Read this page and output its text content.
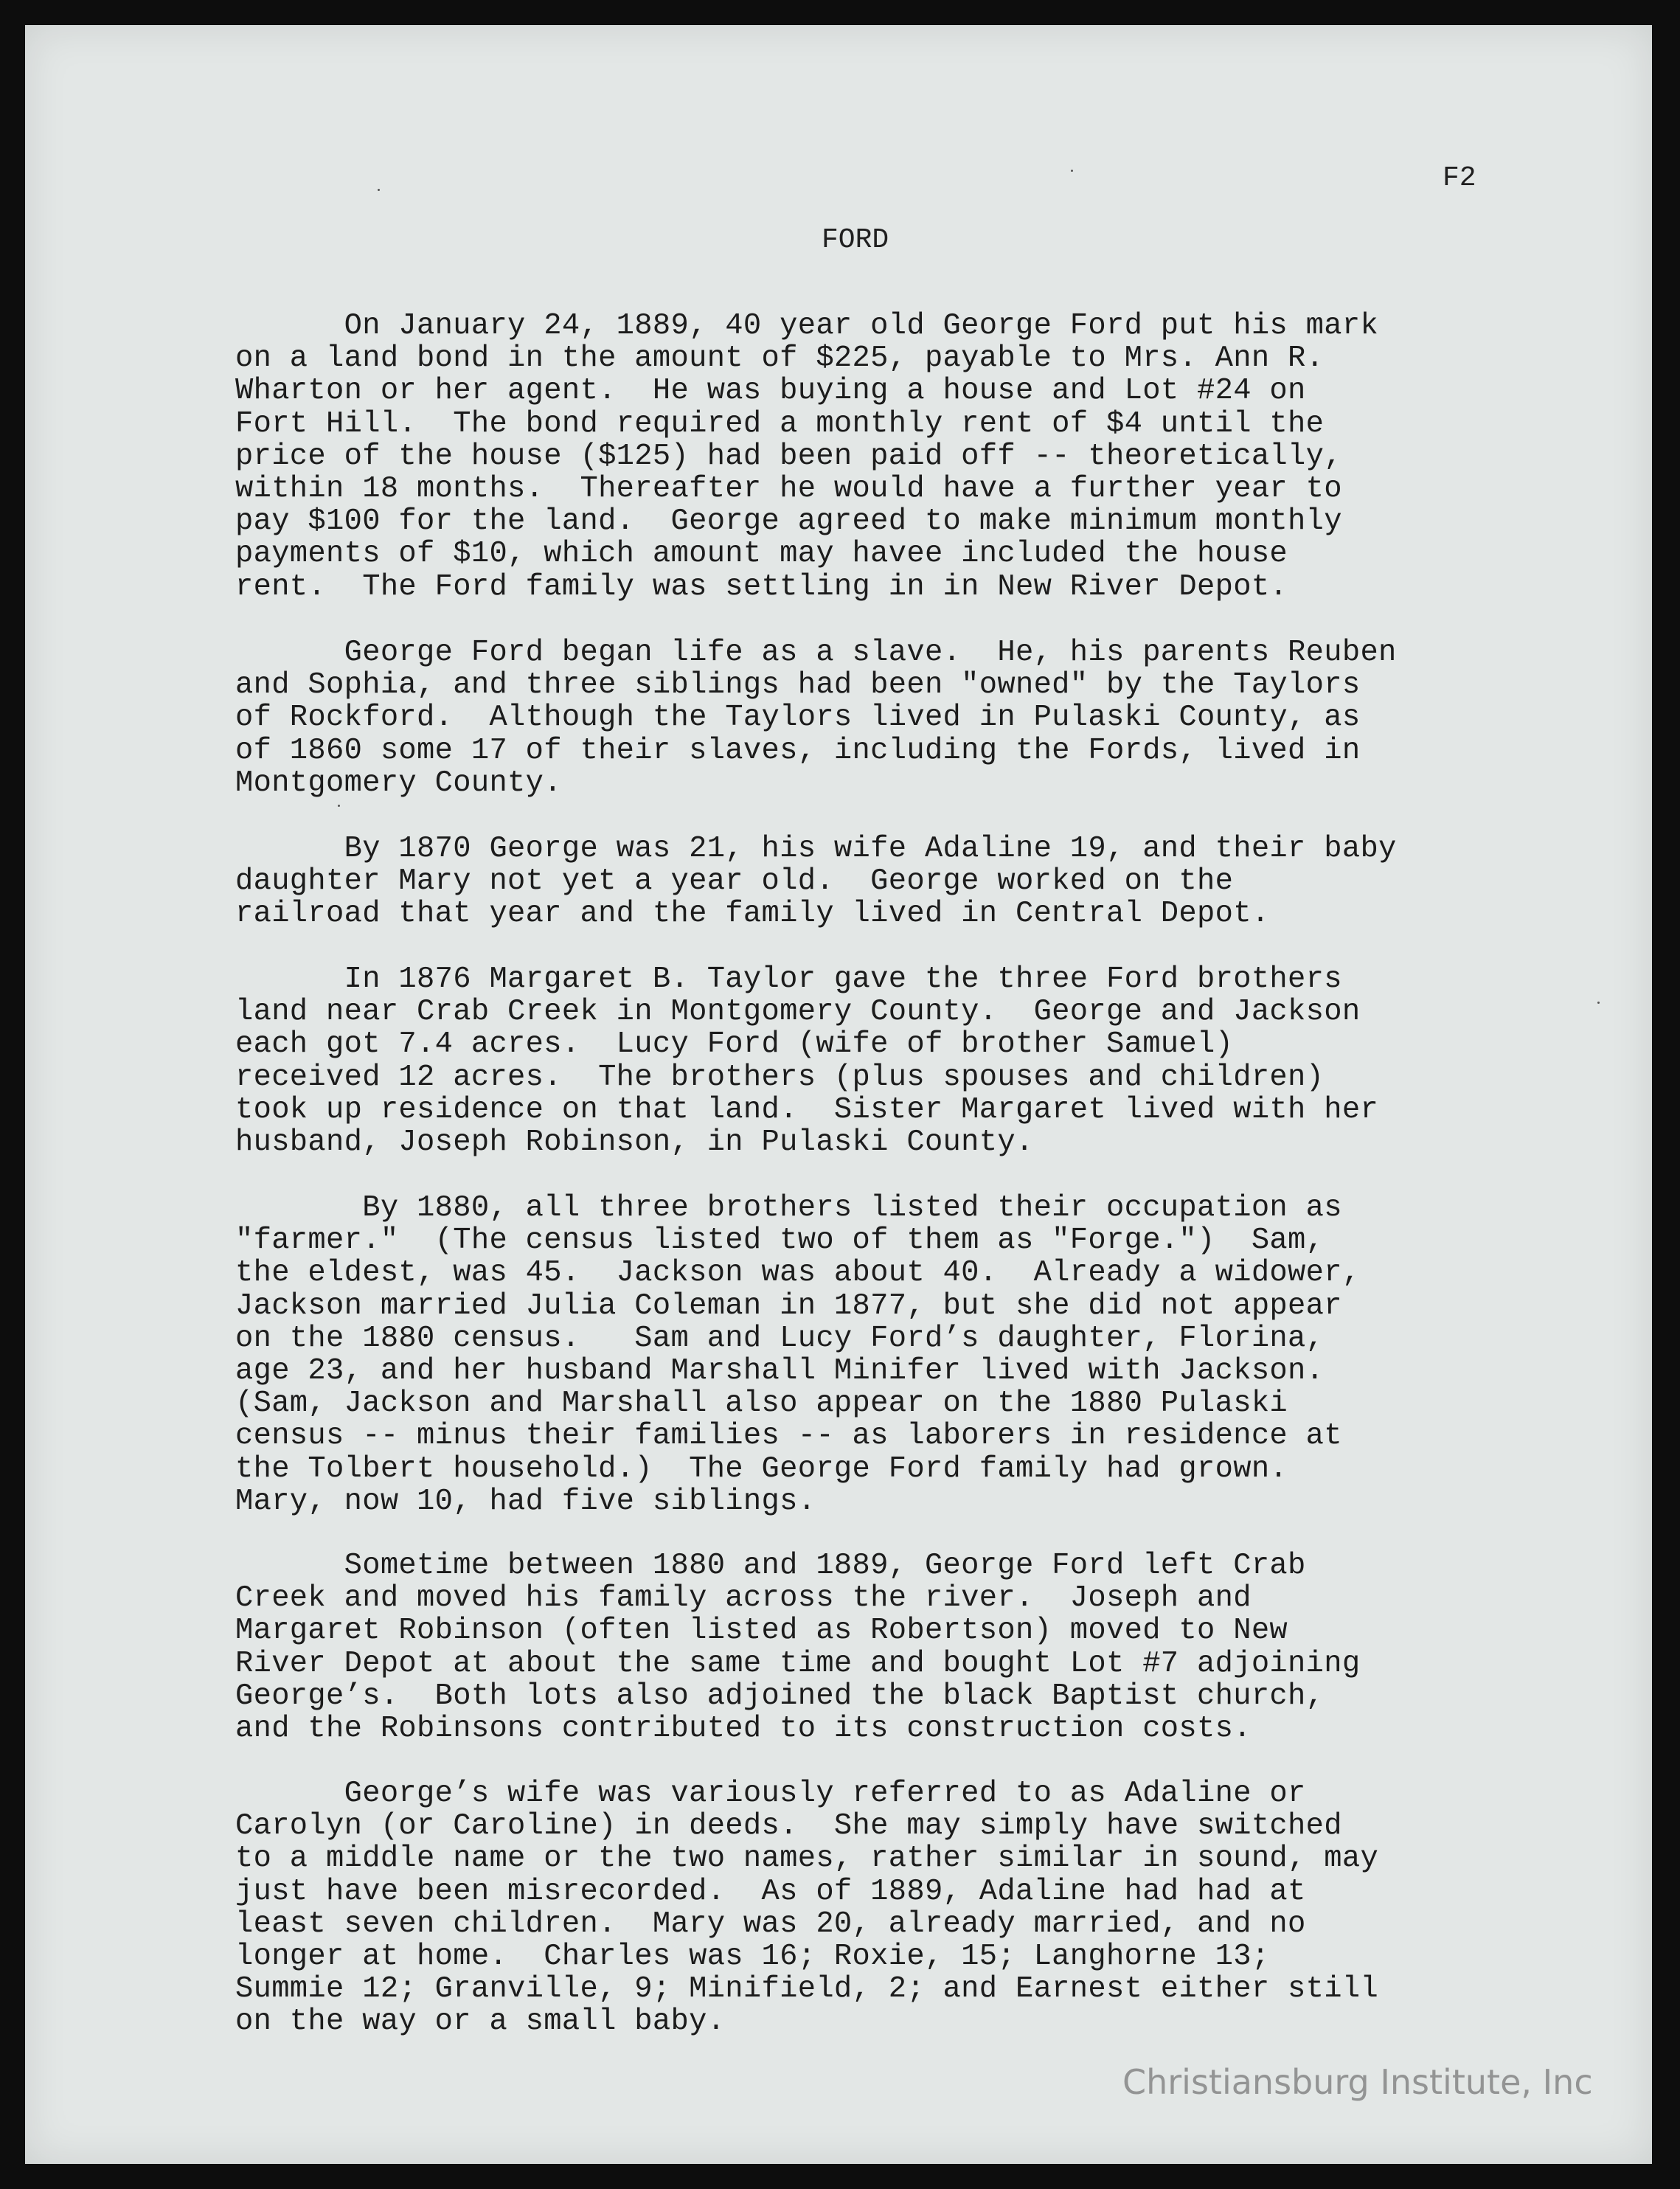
F2

FORD

On January 24, 1889, 40 year old George Ford put his mark
on a land bond in the amount of $225, payable to Mrs. Ann R.
Wharton or her agent.  He was buying a house and Lot #24 on
Fort Hill.  The bond required a monthly rent of $4 until the
price of the house ($125) had been paid off -- theoretically,
within 18 months.  Thereafter he would have a further year to
pay $100 for the land.  George agreed to make minimum monthly
payments of $10, which amount may havee included the house
rent.  The Ford family was settling in in New River Depot.

George Ford began life as a slave.  He, his parents Reuben
and Sophia, and three siblings had been "owned" by the Taylors
of Rockford.  Although the Taylors lived in Pulaski County, as
of 1860 some 17 of their slaves, including the Fords, lived in
Montgomery County.

By 1870 George was 21, his wife Adaline 19, and their baby
daughter Mary not yet a year old.  George worked on the
railroad that year and the family lived in Central Depot.

In 1876 Margaret B. Taylor gave the three Ford brothers
land near Crab Creek in Montgomery County.  George and Jackson
each got 7.4 acres.  Lucy Ford (wife of brother Samuel)
received 12 acres.  The brothers (plus spouses and children)
took up residence on that land.  Sister Margaret lived with her
husband, Joseph Robinson, in Pulaski County.

By 1880, all three brothers listed their occupation as
"farmer."  (The census listed two of them as "Forge.")  Sam,
the eldest, was 45.  Jackson was about 40.  Already a widower,
Jackson married Julia Coleman in 1877, but she did not appear
on the 1880 census.   Sam and Lucy Ford’s daughter, Florina,
age 23, and her husband Marshall Minifer lived with Jackson.
(Sam, Jackson and Marshall also appear on the 1880 Pulaski
census -- minus their families -- as laborers in residence at
the Tolbert household.)  The George Ford family had grown.
Mary, now 10, had five siblings.

Sometime between 1880 and 1889, George Ford left Crab
Creek and moved his family across the river.  Joseph and
Margaret Robinson (often listed as Robertson) moved to New
River Depot at about the same time and bought Lot #7 adjoining
George’s.  Both lots also adjoined the black Baptist church,
and the Robinsons contributed to its construction costs.

George’s wife was variously referred to as Adaline or
Carolyn (or Caroline) in deeds.  She may simply have switched
to a middle name or the two names, rather similar in sound, may
just have been misrecorded.  As of 1889, Adaline had had at
least seven children.  Mary was 20, already married, and no
longer at home.  Charles was 16; Roxie, 15; Langhorne 13;
Summie 12; Granville, 9; Minifield, 2; and Earnest either still
on the way or a small baby.

Christiansburg Institute, Inc
